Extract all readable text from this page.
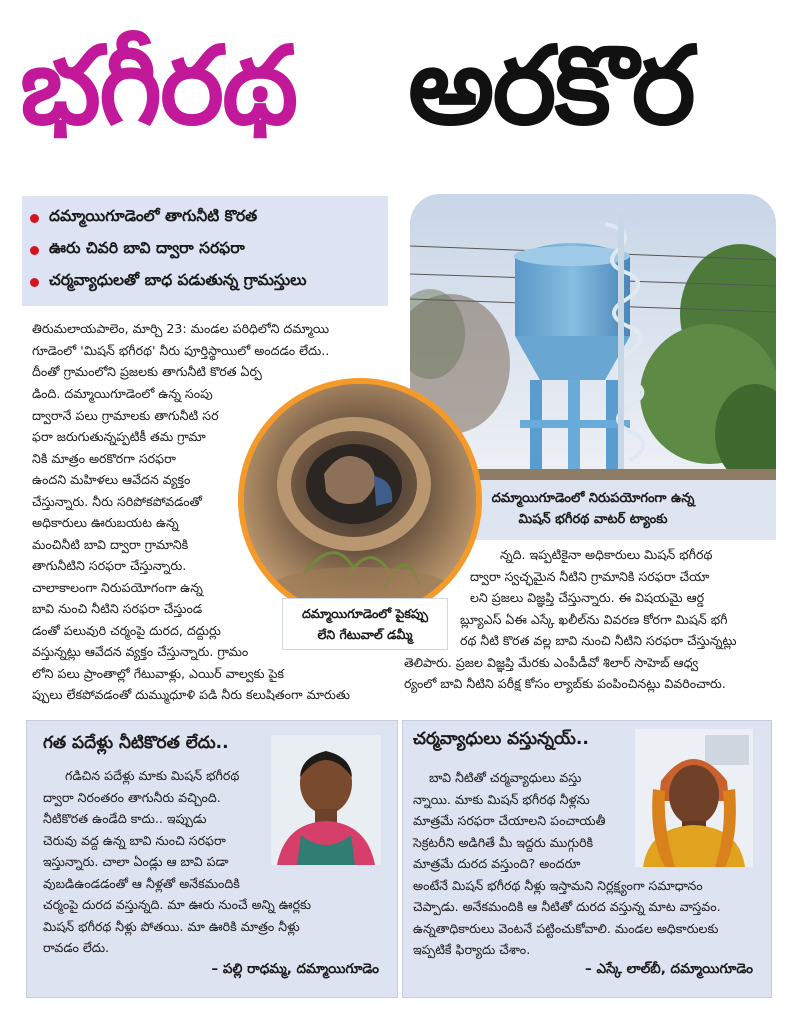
భగీరథ అరకొర
దమ్మాయిగూడెంలో తాగునీటి కొరత
ఊరు చివరి బావి ద్వారా సరఫరా
చర్మవ్యాధులతో బాధ పడుతున్న గ్రామస్తులు
దమ్మాయిగూడెంలో నిరుపయోగంగా ఉన్న
మిషన్ భగీరథ వాటర్ ట్యాంకు
తిరుమలాయపాలెం, మార్చి 23: మండల పరిధిలోని దమ్మాయి
గూడెంలో 'మిషన్ భగీరథ' నీరు పూర్తిస్థాయిలో అందడం లేదు..
దీంతో గ్రామంలోని ప్రజలకు తాగునీటి కొరత ఏర్ప
డింది. దమ్మాయిగూడెంలో ఉన్న సంపు
ద్వారానే పలు గ్రామాలకు తాగునీటి సర
ఫరా జరుగుతున్నప్పటికీ తమ గ్రామా
నికి మాత్రం అరకొరగా సరఫరా
ఉందని మహిళలు ఆవేదన వ్యక్తం
చేస్తున్నారు. నీరు సరిపోకపోవడంతో
అధికారులు ఊరుబయట ఉన్న
మంచినీటి బావి ద్వారా గ్రామానికి
తాగునీటిని సరఫరా చేస్తున్నారు.
చాలాకాలంగా నిరుపయోగంగా ఉన్న
బావి నుంచి నీటిని సరఫరా చేస్తుండ
డంతో పలువురి చర్మంపై దురద, దద్దుర్లు
వస్తున్నట్లు ఆవేదన వ్యక్తం చేస్తున్నారు. గ్రామం
లోని పలు ప్రాంతాల్లో గేటువాళ్లు, ఎయిర్ వాల్వకు పైక
ప్పులు లేకపోవడంతో దుమ్ముధూళి పడి నీరు కలుషితంగా మారుతు
న్నది. ఇప్పటికైనా అధికారులు మిషన్ భగీరథ
ద్వారా స్వచ్ఛమైన నీటిని గ్రామానికి సరఫరా చేయా
లని ప్రజలు విజ్ఞప్తి చేస్తున్నారు. ఈ విషయమై ఆర్డ
బ్ల్యూఎస్ ఏఈ ఎస్కే ఖలీల్‌ను వివరణ కోరగా మిషన్ భగీ
రథ నీటి కొరత వల్ల బావి నుంచి నీటిని సరఫరా చేస్తున్నట్లు
తెలిపారు. ప్రజల విజ్ఞప్తి మేరకు ఎంపీడీవో శిలార్ సాహెబ్ ఆధ్వ
ర్యంలో బావి నీటిని పరీక్ష కోసం ల్యాబ్‌కు పంపించినట్లు వివరించారు.
దమ్మాయిగూడెంలో పైకప్పు
లేని గేటువాల్ డమ్మీ
గత పదేళ్లు నీటికొరత లేదు..
గడిచిన పదేళ్లు మాకు మిషన్ భగీరథ
ద్వారా నిరంతరం తాగునీరు వచ్చింది.
నీటికొరత ఉండేది కాదు.. ఇప్పుడు
చెరువు వద్ద ఉన్న బావి నుంచి సరఫరా
ఇస్తున్నారు. చాలా ఏండ్లు ఆ బావి పడా
వుబడిఉండడంతో ఆ నీళ్లతో అనేకమందికి
చర్మంపై దురద వస్తున్నది. మా ఊరు నుంచే అన్ని ఊర్లకు
మిషన్ భగీరథ నీళ్లు పోతయి. మా ఊరికి మాత్రం నీళ్లు
రావడం లేదు.
– పల్లి రాధమ్మ, దమ్మాయిగూడెం
చర్మవ్యాధులు వస్తున్నయ్..
బావి నీటితో చర్మవ్యాధులు వస్తు
న్నాయి. మాకు మిషన్ భగీరథ నీళ్లను
మాత్రమే సరఫరా చేయాలని పంచాయతీ
సెక్రటరీని అడిగితే మీ ఇద్దరు ముగ్గురికి
మాత్రమే దురద వస్తుంది? అందరూ
అంటేనే మిషన్ భగీరథ నీళ్లు ఇస్తామని నిర్లక్ష్యంగా సమాధానం
చెప్పాడు. అనేకమందికి ఆ నీటితో దురద వస్తున్న మాట వాస్తవం.
ఉన్నతాధికారులు వెంటనే పట్టించుకోవాలి. మండల అధికారులకు
ఇప్పటికే ఫిర్యాదు చేశాం.
– ఎస్కే లాల్‌బీ, దమ్మాయిగూడెం
